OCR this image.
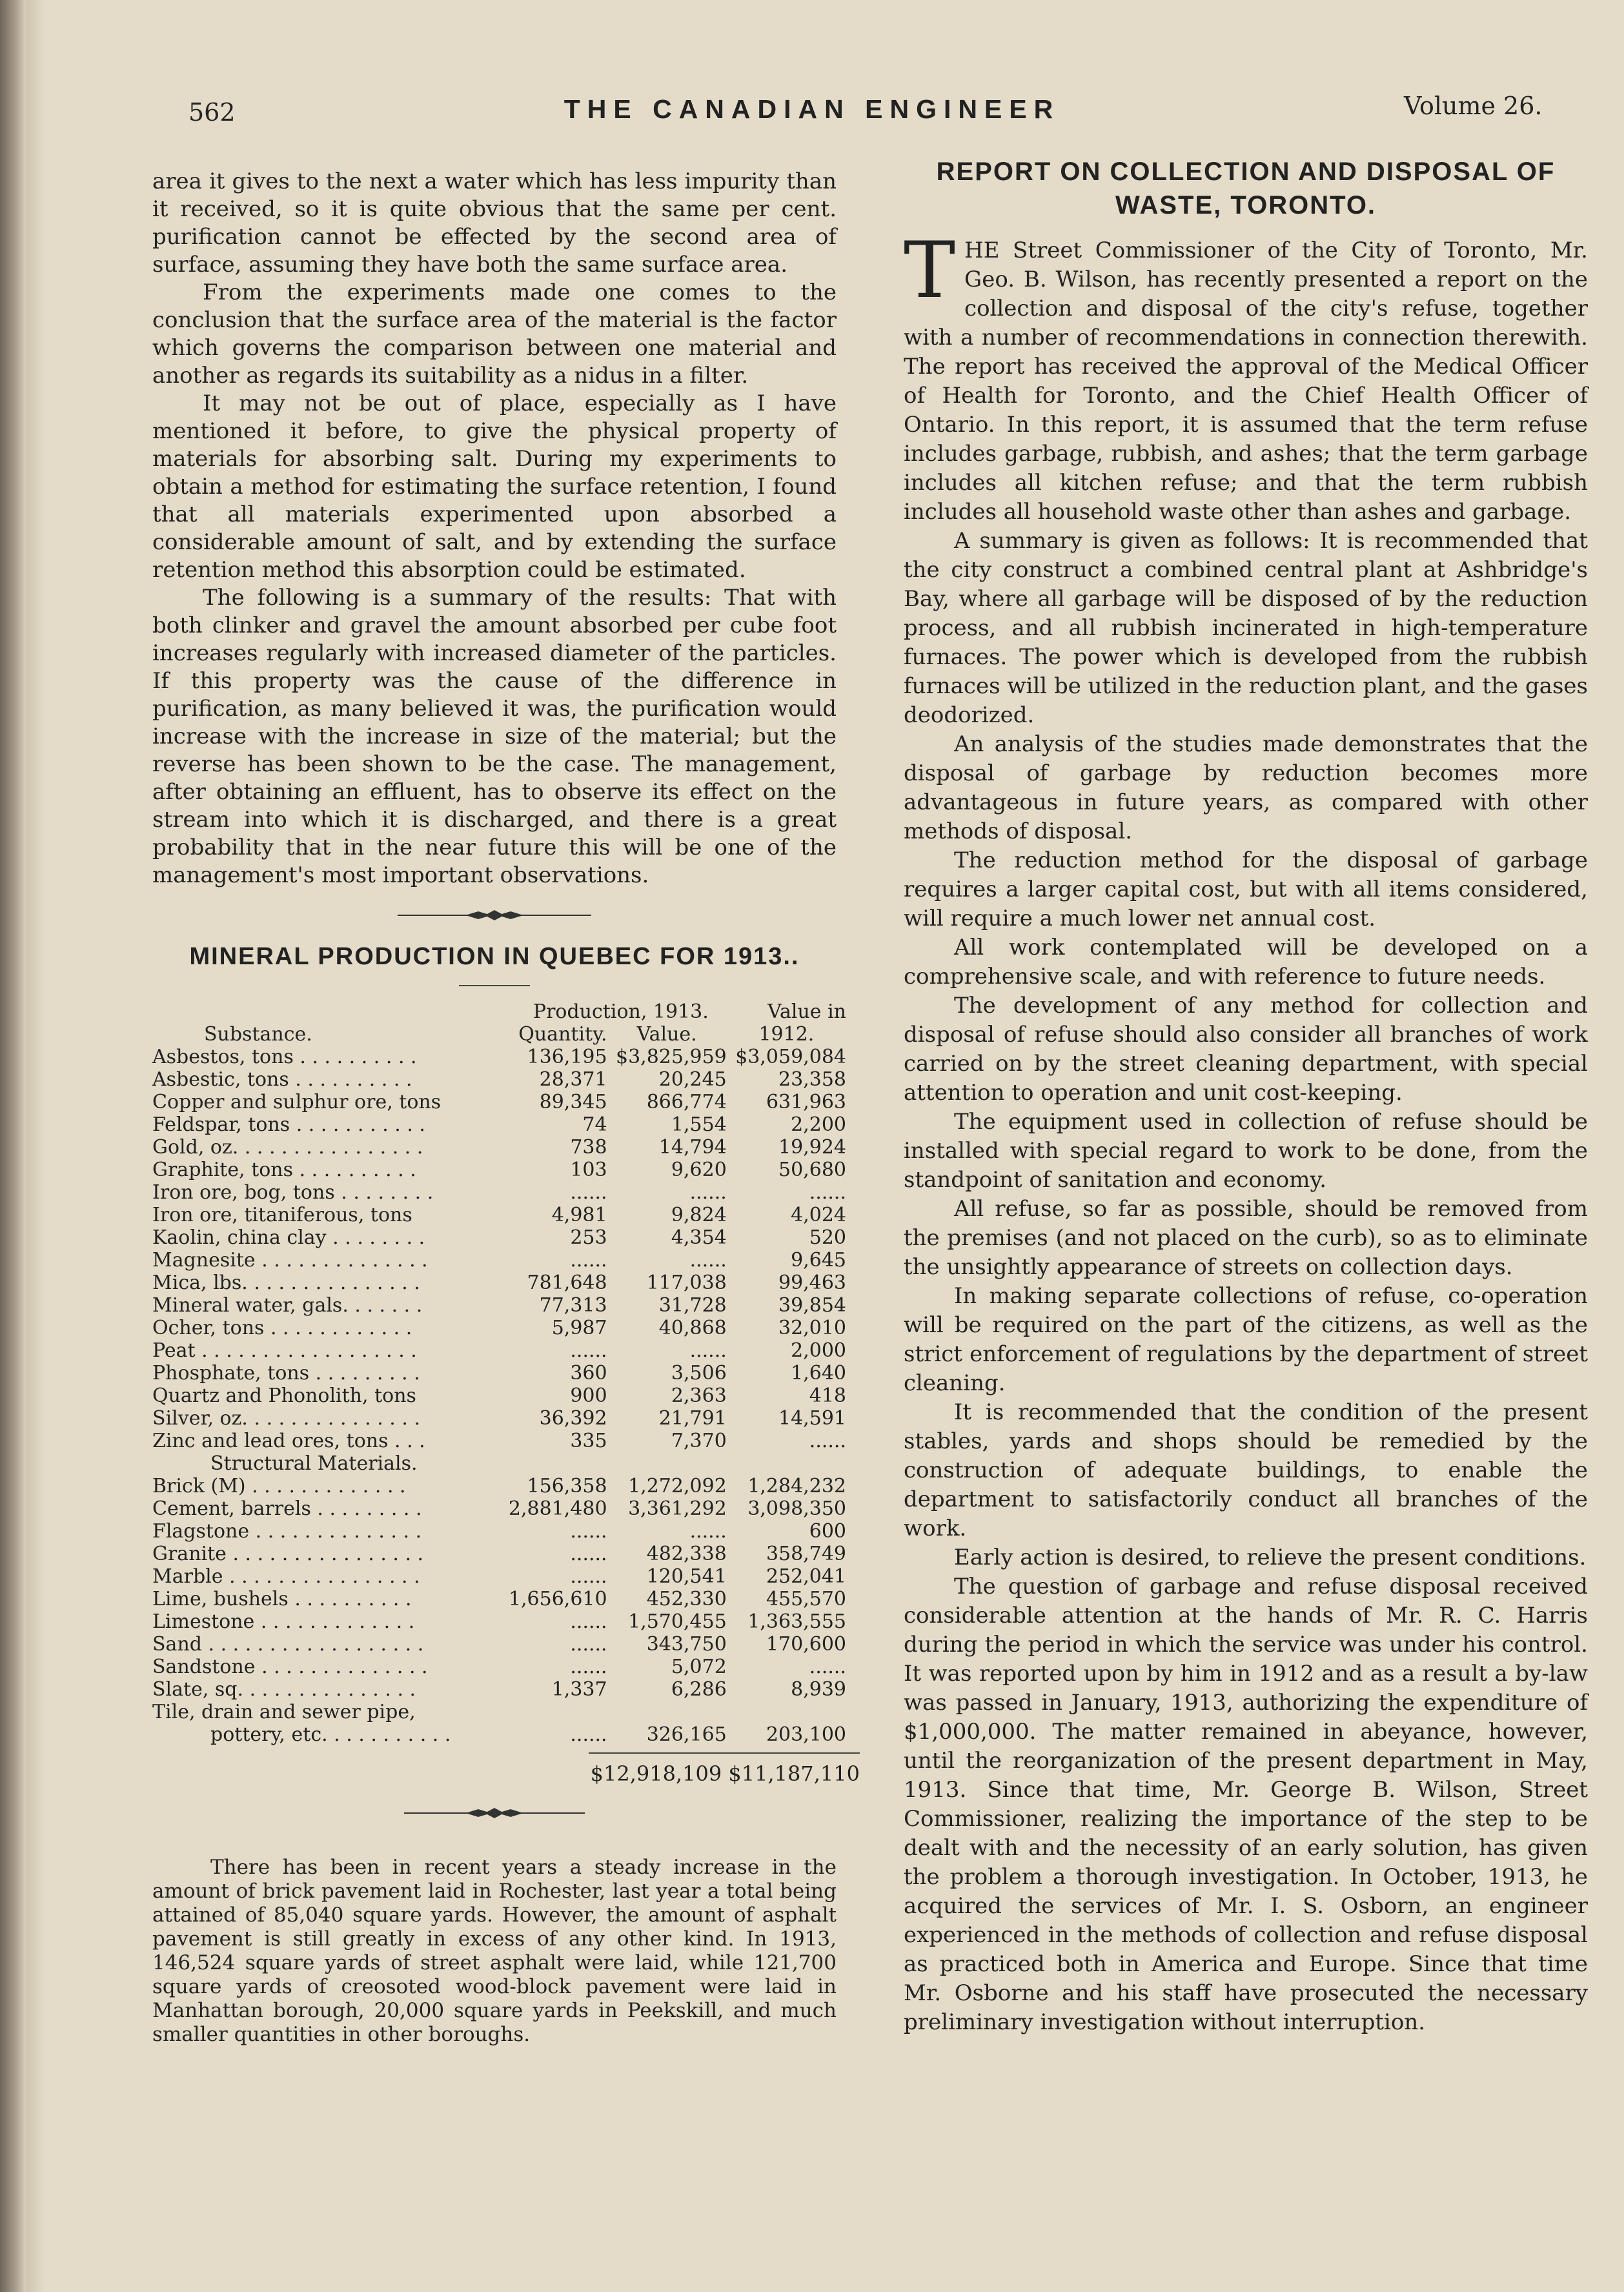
562	THE CANADIAN ENGINEER	Volume 26.

area it gives to the next a water which has less impurity than it received, so it is quite obvious that the same per cent. purification cannot be effected by the second area of surface, assuming they have both the same surface area.

From the experiments made one comes to the conclusion that the surface area of the material is the factor which governs the comparison between one material and another as regards its suitability as a nidus in a filter.

It may not be out of place, especially as I have mentioned it before, to give the physical property of materials for absorbing salt. During my experiments to obtain a method for estimating the surface retention, I found that all materials experimented upon absorbed a considerable amount of salt, and by extending the surface retention method this absorption could be estimated.

The following is a summary of the results: That with both clinker and gravel the amount absorbed per cube foot increases regularly with increased diameter of the particles. If this property was the cause of the difference in purification, as many believed it was, the purification would increase with the increase in size of the material; but the reverse has been shown to be the case. The management, after obtaining an effluent, has to observe its effect on the stream into which it is discharged, and there is a great probability that in the near future this will be one of the management's most important observations.

MINERAL PRODUCTION IN QUEBEC FOR 1913..
	Production, 1913.		Value in
Substance.	Quantity.	Value.	1912.
Asbestos, tons . . . . . . . . . .	136,195	$3,825,959	$3,059,084
Asbestic, tons . . . . . . . . . .	28,371	20,245	23,358
Copper and sulphur ore, tons	89,345	866,774	631,963
Feldspar, tons . . . . . . . . . . .	74	1,554	2,200
Gold, oz. . . . . . . . . . . . . . . .	738	14,794	19,924
Graphite, tons . . . . . . . . . .	103	9,620	50,680
Iron ore, bog, tons . . . . . . . .	......	......	......
Iron ore, titaniferous, tons	4,981	9,824	4,024
Kaolin, china clay . . . . . . . .	253	4,354	520
Magnesite . . . . . . . . . . . . . .	......	......	9,645
Mica, lbs. . . . . . . . . . . . . . .	781,648	117,038	99,463
Mineral water, gals. . . . . . .	77,313	31,728	39,854
Ocher, tons . . . . . . . . . . . .	5,987	40,868	32,010
Peat . . . . . . . . . . . . . . . . . .	......	......	2,000
Phosphate, tons . . . . . . . . .	360	3,506	1,640
Quartz and Phonolith, tons	900	2,363	418
Silver, oz. . . . . . . . . . . . . . .	36,392	21,791	14,591
Zinc and lead ores, tons . . .	335	7,370	......
Structural Materials.			
Brick (M) . . . . . . . . . . . . .	156,358	1,272,092	1,284,232
Cement, barrels . . . . . . . . .	2,881,480	3,361,292	3,098,350
Flagstone . . . . . . . . . . . . . .	......	......	600
Granite . . . . . . . . . . . . . . . .	......	482,338	358,749
Marble . . . . . . . . . . . . . . . .	......	120,541	252,041
Lime, bushels . . . . . . . . . .	1,656,610	452,330	455,570
Limestone . . . . . . . . . . . . .	......	1,570,455	1,363,555
Sand . . . . . . . . . . . . . . . . . .	......	343,750	170,600
Sandstone . . . . . . . . . . . . . .	......	5,072	......
Slate, sq. . . . . . . . . . . . . . .	1,337	6,286	8,939
Tile, drain and sewer pipe,			
pottery, etc. . . . . . . . . . .	......	326,165	203,100
$12,918,109 $11,187,110

There has been in recent years a steady increase in the amount of brick pavement laid in Rochester, last year a total being attained of 85,040 square yards. However, the amount of asphalt pavement is still greatly in excess of any other kind. In 1913, 146,524 square yards of street asphalt were laid, while 121,700 square yards of creosoted wood-block pavement were laid in Manhattan borough, 20,000 square yards in Peekskill, and much smaller quantities in other boroughs.

REPORT ON COLLECTION AND DISPOSAL OF
WASTE, TORONTO.

THE Street Commissioner of the City of Toronto, Mr. Geo. B. Wilson, has recently presented a report on the collection and disposal of the city's refuse, together with a number of recommendations in connection therewith. The report has received the approval of the Medical Officer of Health for Toronto, and the Chief Health Officer of Ontario. In this report, it is assumed that the term refuse includes garbage, rubbish, and ashes; that the term garbage includes all kitchen refuse; and that the term rubbish includes all household waste other than ashes and garbage.

A summary is given as follows: It is recommended that the city construct a combined central plant at Ashbridge's Bay, where all garbage will be disposed of by the reduction process, and all rubbish incinerated in high-temperature furnaces. The power which is developed from the rubbish furnaces will be utilized in the reduction plant, and the gases deodorized.

An analysis of the studies made demonstrates that the disposal of garbage by reduction becomes more advantageous in future years, as compared with other methods of disposal.

The reduction method for the disposal of garbage requires a larger capital cost, but with all items considered, will require a much lower net annual cost.

All work contemplated will be developed on a comprehensive scale, and with reference to future needs.

The development of any method for collection and disposal of refuse should also consider all branches of work carried on by the street cleaning department, with special attention to operation and unit cost-keeping.

The equipment used in collection of refuse should be installed with special regard to work to be done, from the standpoint of sanitation and economy.

All refuse, so far as possible, should be removed from the premises (and not placed on the curb), so as to eliminate the unsightly appearance of streets on collection days.

In making separate collections of refuse, co-operation will be required on the part of the citizens, as well as the strict enforcement of regulations by the department of street cleaning.

It is recommended that the condition of the present stables, yards and shops should be remedied by the construction of adequate buildings, to enable the department to satisfactorily conduct all branches of the work.

Early action is desired, to relieve the present conditions.

The question of garbage and refuse disposal received considerable attention at the hands of Mr. R. C. Harris during the period in which the service was under his control. It was reported upon by him in 1912 and as a result a by-law was passed in January, 1913, authorizing the expenditure of $1,000,000. The matter remained in abeyance, however, until the reorganization of the present department in May, 1913. Since that time, Mr. George B. Wilson, Street Commissioner, realizing the importance of the step to be dealt with and the necessity of an early solution, has given the problem a thorough investigation. In October, 1913, he acquired the services of Mr. I. S. Osborn, an engineer experienced in the methods of collection and refuse disposal as practiced both in America and Europe. Since that time Mr. Osborne and his staff have prosecuted the necessary preliminary investigation without interruption.
